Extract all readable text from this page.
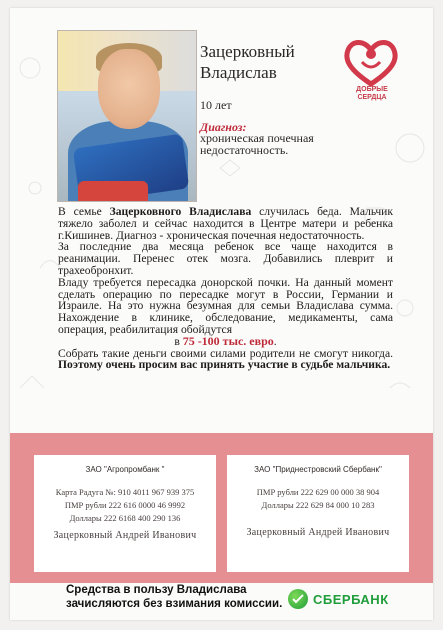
Зацерковный Владислав
10 лет
Диагноз:
хроническая почечная недостаточность.
ДОБРЫЕ СЕРДЦА

В семье Зацерковного Владислава случилась беда. Мальчик тяжело заболел и сейчас находится в Центре матери и ребенка г.Кишинев. Диагноз - хроническая почечная недостаточность.

За последние два месяца ребенок все чаще находится в реанимации. Перенес отек мозга. Добавились плеврит и трахеобронхит.

Владу требуется пересадка донорской почки. На данный момент сделать операцию по пересадке могут в России, Германии и Израиле. На это нужна безумная для семьи Владислава сумма. Нахождение в клинике, обследование, медикаменты, сама операция, реабилитация обойдутся

в 75 -100 тыс. евро.

Собрать такие деньги своими силами родители не смогут никогда. Поэтому очень просим вас принять участие в судьбе мальчика.

ЗАО "Агропромбанк "
Карта Радуга №: 910 4011 967 939 375
ПМР рубли 222 616 0000 46 9992
Доллары 222 6168 400 290 136
Зацерковный Андрей Иванович
ЗАО "Приднестровский Сбербанк"
ПМР рубли 222 629 00 000 38 904
Доллары 222 629 84 000 10 283
Зацерковный Андрей Иванович
Средства в пользу Владислава зачисляются без взимания комиссии.	СБЕРБАНК
